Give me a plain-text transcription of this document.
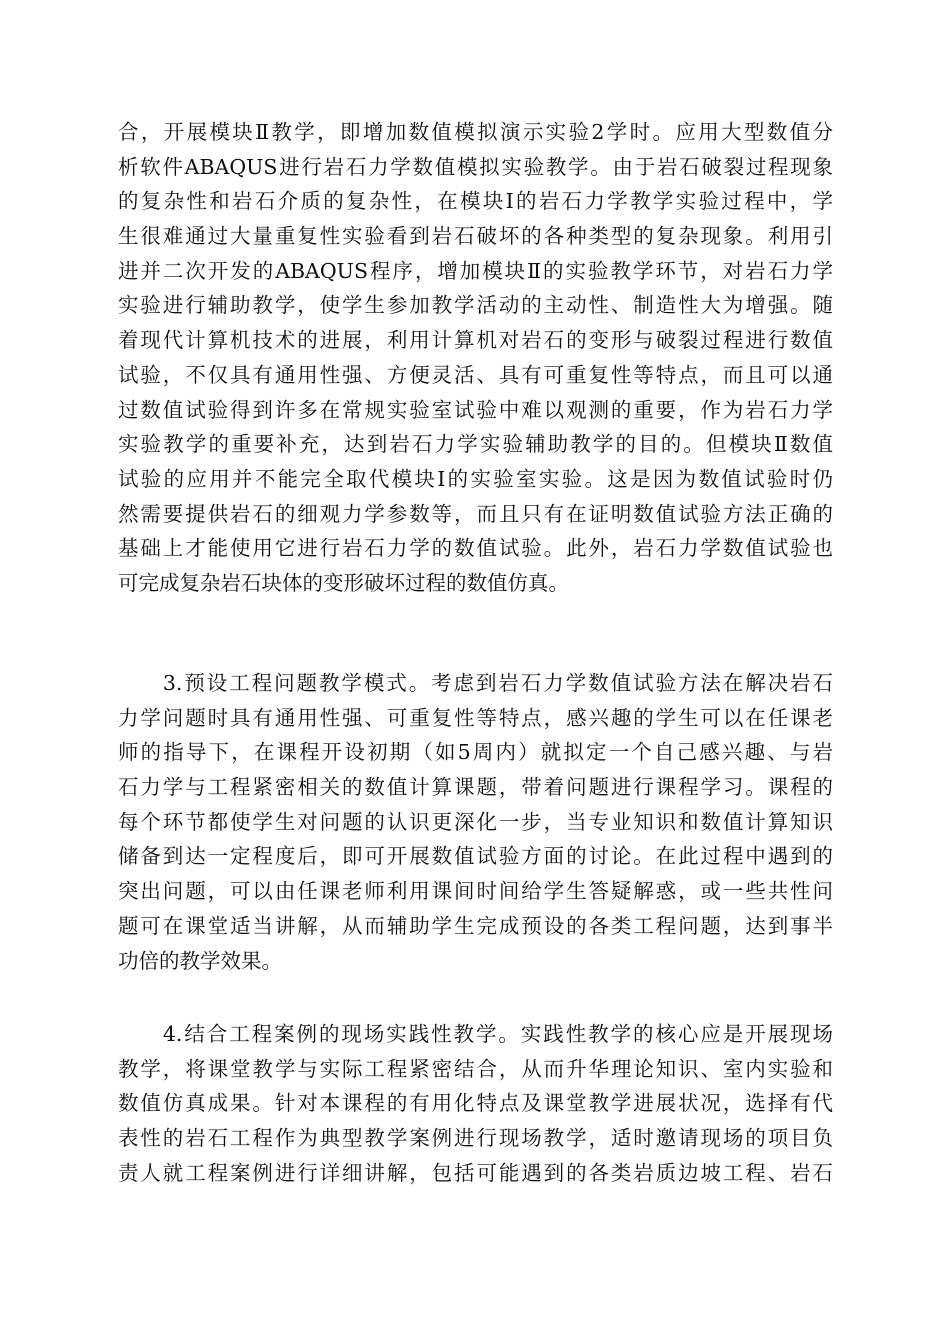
合，开展模块Ⅱ教学，即增加数值模拟演示实验2学时。应用大型数值分
析软件ABAQUS进行岩石力学数值模拟实验教学。由于岩石破裂过程现象
的复杂性和岩石介质的复杂性，在模块Ⅰ的岩石力学教学实验过程中，学
生很难通过大量重复性实验看到岩石破坏的各种类型的复杂现象。利用引
进并二次开发的ABAQUS程序，增加模块Ⅱ的实验教学环节，对岩石力学
实验进行辅助教学，使学生参加教学活动的主动性、制造性大为增强。随
着现代计算机技术的进展，利用计算机对岩石的变形与破裂过程进行数值
试验，不仅具有通用性强、方便灵活、具有可重复性等特点，而且可以通
过数值试验得到许多在常规实验室试验中难以观测的重要，作为岩石力学
实验教学的重要补充，达到岩石力学实验辅助教学的目的。但模块Ⅱ数值
试验的应用并不能完全取代模块Ⅰ的实验室实验。这是因为数值试验时仍
然需要提供岩石的细观力学参数等，而且只有在证明数值试验方法正确的
基础上才能使用它进行岩石力学的数值试验。此外，岩石力学数值试验也
可完成复杂岩石块体的变形破坏过程的数值仿真。
　　3.预设工程问题教学模式。考虑到岩石力学数值试验方法在解决岩石
力学问题时具有通用性强、可重复性等特点，感兴趣的学生可以在任课老
师的指导下，在课程开设初期（如5周内）就拟定一个自己感兴趣、与岩
石力学与工程紧密相关的数值计算课题，带着问题进行课程学习。课程的
每个环节都使学生对问题的认识更深化一步，当专业知识和数值计算知识
储备到达一定程度后，即可开展数值试验方面的讨论。在此过程中遇到的
突出问题，可以由任课老师利用课间时间给学生答疑解惑，或一些共性问
题可在课堂适当讲解，从而辅助学生完成预设的各类工程问题，达到事半
功倍的教学效果。
　　4.结合工程案例的现场实践性教学。实践性教学的核心应是开展现场
教学，将课堂教学与实际工程紧密结合，从而升华理论知识、室内实验和
数值仿真成果。针对本课程的有用化特点及课堂教学进展状况，选择有代
表性的岩石工程作为典型教学案例进行现场教学，适时邀请现场的项目负
责人就工程案例进行详细讲解，包括可能遇到的各类岩质边坡工程、岩石
